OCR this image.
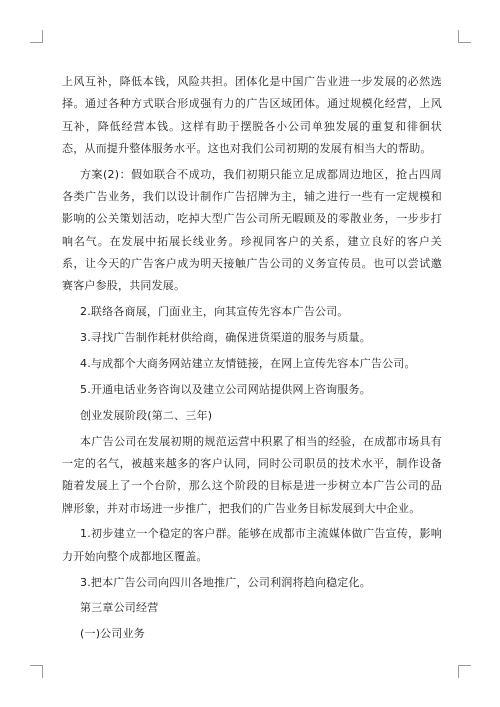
上风互补，降低本钱，风险共担。团体化是中国广告业进一步发展的必然选择。通过各种方式联合形成强有力的广告区域团体。通过规模化经营，上风互补，降低经营本钱。这样有助于摆脱各小公司单独发展的重复和徘徊状态，从而提升整体服务水平。这也对我们公司初期的发展有相当大的帮助。

方案(2)：假如联合不成功，我们初期只能立足成都周边地区，抢占四周各类广告业务，我们以设计制作广告招牌为主，辅之进行一些有一定规模和影响的公关策划活动，吃掉大型广告公司所无暇顾及的零散业务，一步步打响名气。在发展中拓展长线业务。珍视同客户的关系，建立良好的客户关系，让今天的广告客户成为明天接触广告公司的义务宣传员。也可以尝试邀赛客户参股，共同发展。

2.联络各商展，门面业主，向其宣传先容本广告公司。

3.寻找广告制作耗材供给商，确保进货渠道的服务与质量。

4.与成都个大商务网站建立友情链接，在网上宣传先容本广告公司。

5.开通电话业务咨询以及建立公司网站提供网上咨询服务。

创业发展阶段(第二、三年)

本广告公司在发展初期的规范运营中积累了相当的经验，在成都市场具有一定的名气，被越来越多的客户认同，同时公司职员的技术水平，制作设备随着发展上了一个台阶，那么这个阶段的目标是进一步树立本广告公司的品牌形象，并对市场进一步推广，把我们的广告业务目标发展到大中企业。

1.初步建立一个稳定的客户群。能够在成都市主流媒体做广告宣传，影响力开始向整个成都地区覆盖。

3.把本广告公司向四川各地推广，公司利润将趋向稳定化。

第三章公司经营

(一)公司业务
